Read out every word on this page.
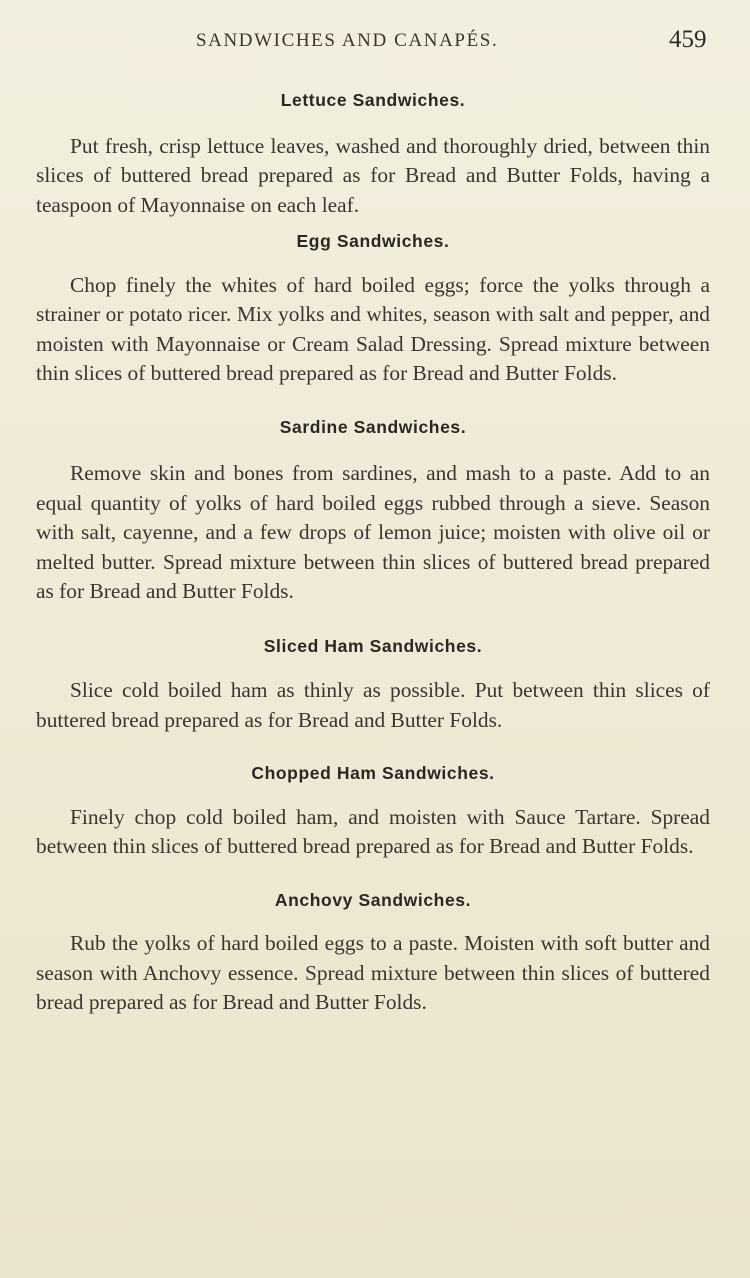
SANDWICHES AND CANAPÉS.	459
Lettuce Sandwiches.

Put fresh, crisp lettuce leaves, washed and thoroughly dried, between thin slices of buttered bread prepared as for Bread and Butter Folds, having a teaspoon of Mayonnaise on each leaf.

Egg Sandwiches.

Chop finely the whites of hard boiled eggs; force the yolks through a strainer or potato ricer. Mix yolks and whites, season with salt and pepper, and moisten with Mayonnaise or Cream Salad Dressing. Spread mixture between thin slices of buttered bread prepared as for Bread and Butter Folds.

Sardine Sandwiches.

Remove skin and bones from sardines, and mash to a paste. Add to an equal quantity of yolks of hard boiled eggs rubbed through a sieve. Season with salt, cayenne, and a few drops of lemon juice; moisten with olive oil or melted butter. Spread mixture between thin slices of buttered bread prepared as for Bread and Butter Folds.

Sliced Ham Sandwiches.

Slice cold boiled ham as thinly as possible. Put between thin slices of buttered bread prepared as for Bread and Butter Folds.

Chopped Ham Sandwiches.

Finely chop cold boiled ham, and moisten with Sauce Tartare. Spread between thin slices of buttered bread prepared as for Bread and Butter Folds.

Anchovy Sandwiches.

Rub the yolks of hard boiled eggs to a paste. Moisten with soft butter and season with Anchovy essence. Spread mixture between thin slices of buttered bread prepared as for Bread and Butter Folds.
